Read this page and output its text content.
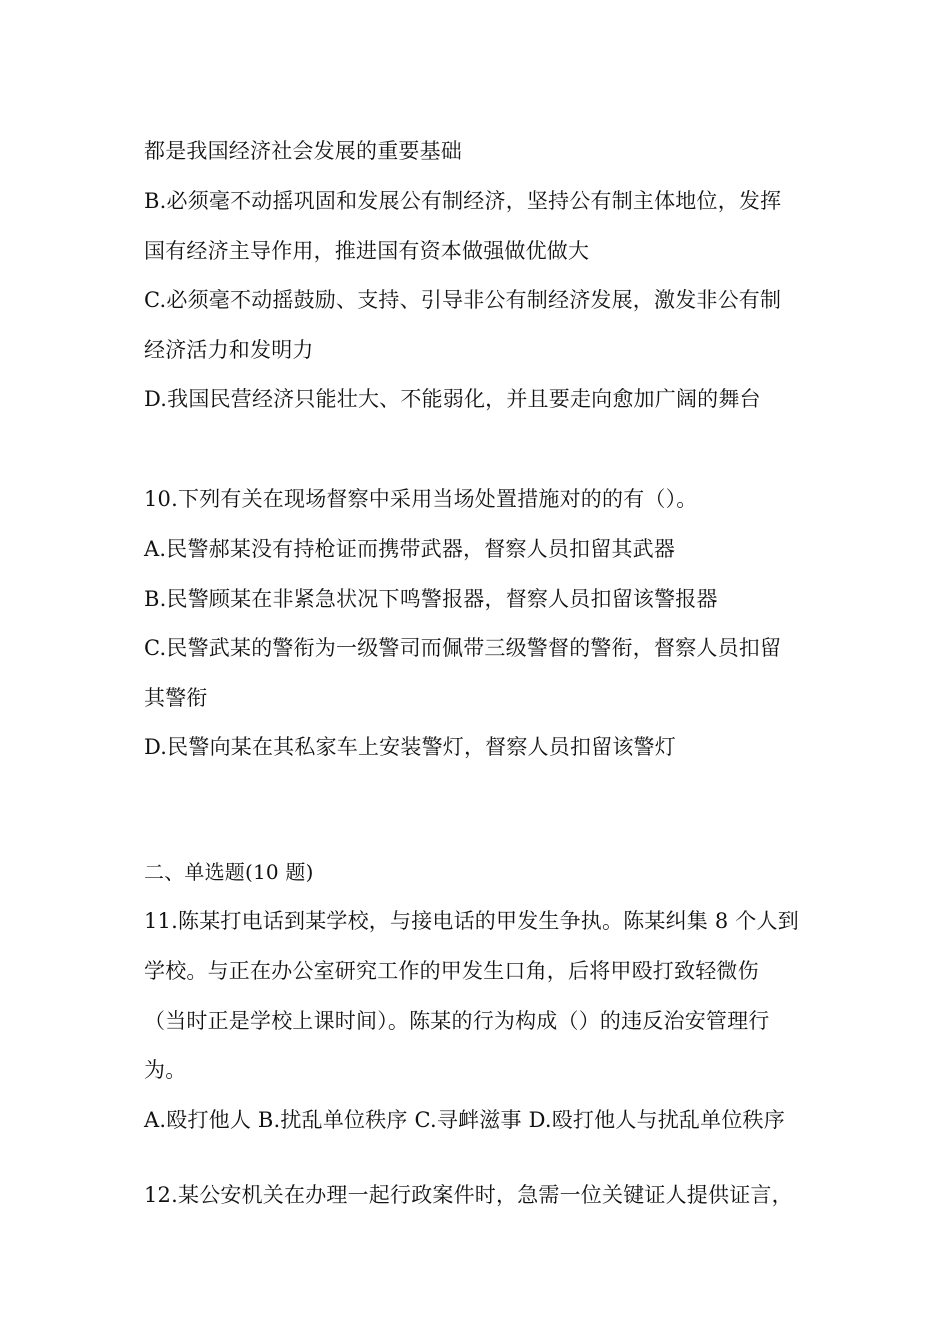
都是我国经济社会发展的重要基础
B.必须毫不动摇巩固和发展公有制经济，坚持公有制主体地位，发挥
国有经济主导作用，推进国有资本做强做优做大
C.必须毫不动摇鼓励、支持、引导非公有制经济发展，激发非公有制
经济活力和发明力
D.我国民营经济只能壮大、不能弱化，并且要走向愈加广阔的舞台
10.下列有关在现场督察中采用当场处置措施对的的有（）。
A.民警郝某没有持枪证而携带武器，督察人员扣留其武器
B.民警顾某在非紧急状况下鸣警报器，督察人员扣留该警报器
C.民警武某的警衔为一级警司而佩带三级警督的警衔，督察人员扣留
其警衔
D.民警向某在其私家车上安装警灯，督察人员扣留该警灯
二、单选题(10 题)
11.陈某打电话到某学校，与接电话的甲发生争执。陈某纠集 8 个人到
学校。与正在办公室研究工作的甲发生口角，后将甲殴打致轻微伤
（当时正是学校上课时间）。陈某的行为构成（）的违反治安管理行
为。
A.殴打他人 B.扰乱单位秩序 C.寻衅滋事 D.殴打他人与扰乱单位秩序
12.某公安机关在办理一起行政案件时，急需一位关键证人提供证言，
